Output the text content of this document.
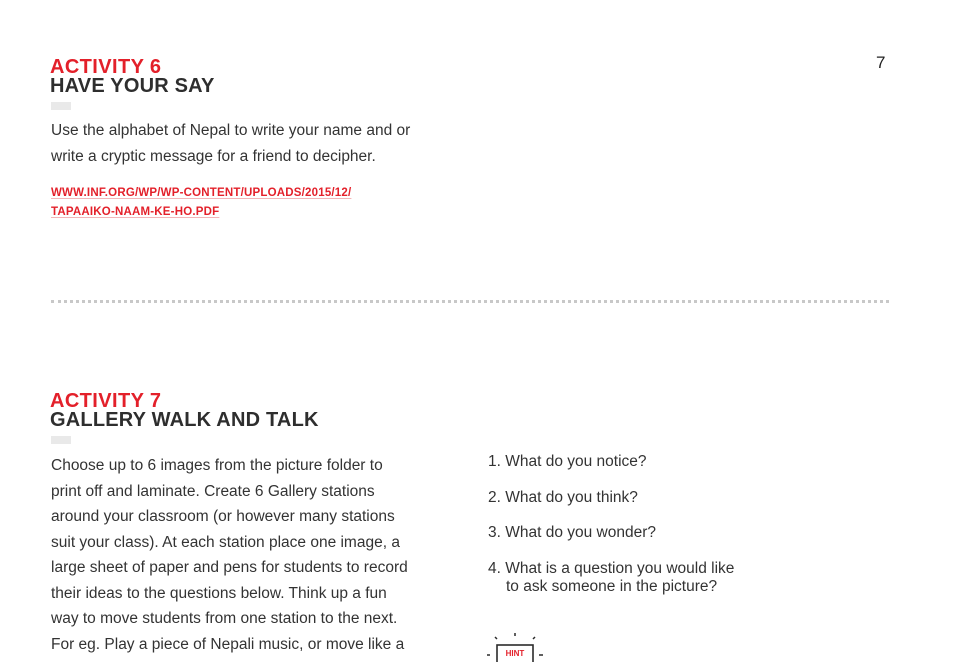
7
ACTIVITY 6
HAVE YOUR SAY
Use the alphabet of Nepal to write your name and or
write a cryptic message for a friend to decipher.
WWW.INF.ORG/WP/WP-CONTENT/UPLOADS/2015/12/
TAPAAIKO-NAAM-KE-HO.PDF
ACTIVITY 7
GALLERY WALK AND TALK
Choose up to 6 images from the picture folder to
print off and laminate. Create 6 Gallery stations
around your classroom (or however many stations
suit your class). At each station place one image, a
large sheet of paper and pens for students to record
their ideas to the questions below. Think up a fun
way to move students from one station to the next.
For eg. Play a piece of Nepali music, or move like a
1. What do you notice?
2. What do you think?
3. What do you wonder?
4. What is a question you would like
to ask someone in the picture?
HINT
